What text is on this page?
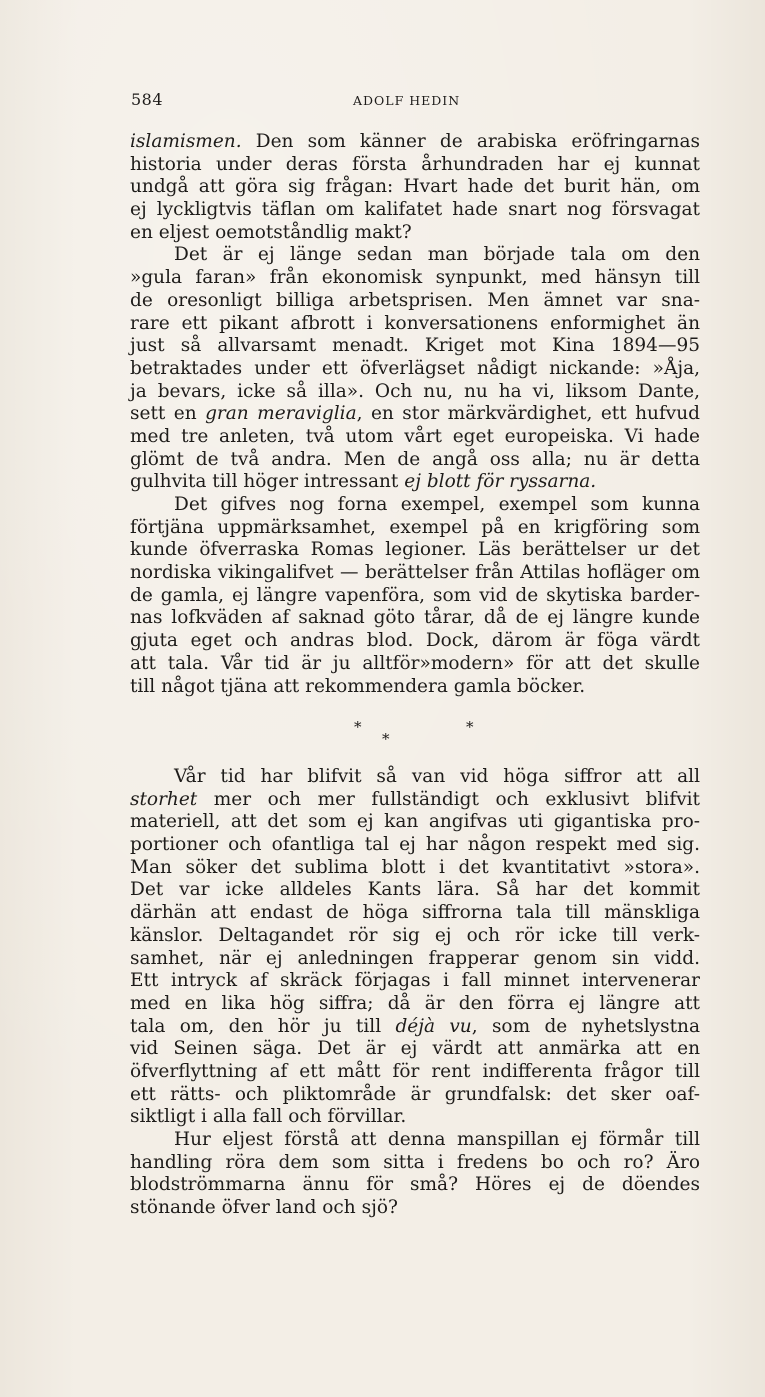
584	ADOLF HEDIN
islamismen. Den som känner de arabiska eröfringarnas
historia under deras första århundraden har ej kunnat
undgå att göra sig frågan: Hvart hade det burit hän, om
ej lyckligtvis täflan om kalifatet hade snart nog försvagat
en eljest oemotståndlig makt?
Det är ej länge sedan man började tala om den
»gula faran» från ekonomisk synpunkt, med hänsyn till
de oresonligt billiga arbetsprisen. Men ämnet var sna-
rare ett pikant afbrott i konversationens enformighet än
just så allvarsamt menadt. Kriget mot Kina 1894—95
betraktades under ett öfverlägset nådigt nickande: »Åja,
ja bevars, icke så illa». Och nu, nu ha vi, liksom Dante,
sett en gran meraviglia, en stor märkvärdighet, ett hufvud
med tre anleten, två utom vårt eget europeiska. Vi hade
glömt de två andra. Men de angå oss alla; nu är detta
gulhvita till höger intressant ej blott för ryssarna.
Det gifves nog forna exempel, exempel som kunna
förtjäna uppmärksamhet, exempel på en krigföring som
kunde öfverraska Romas legioner. Läs berättelser ur det
nordiska vikingalifvet — berättelser från Attilas hofläger om
de gamla, ej längre vapenföra, som vid de skytiska barder-
nas lofkväden af saknad göto tårar, då de ej längre kunde
gjuta eget och andras blod. Dock, därom är föga värdt
att tala. Vår tid är ju alltför»modern» för att det skulle
till något tjäna att rekommendera gamla böcker.
*
*
*
Vår tid har blifvit så van vid höga siffror att all
storhet mer och mer fullständigt och exklusivt blifvit
materiell, att det som ej kan angifvas uti gigantiska pro-
portioner och ofantliga tal ej har någon respekt med sig.
Man söker det sublima blott i det kvantitativt »stora».
Det var icke alldeles Kants lära. Så har det kommit
därhän att endast de höga siffrorna tala till mänskliga
känslor. Deltagandet rör sig ej och rör icke till verk-
samhet, när ej anledningen frapperar genom sin vidd.
Ett intryck af skräck förjagas i fall minnet intervenerar
med en lika hög siffra; då är den förra ej längre att
tala om, den hör ju till déjà vu, som de nyhetslystna
vid Seinen säga. Det är ej värdt att anmärka att en
öfverflyttning af ett mått för rent indifferenta frågor till
ett rätts- och pliktområde är grundfalsk: det sker oaf-
siktligt i alla fall och förvillar.
Hur eljest förstå att denna manspillan ej förmår till
handling röra dem som sitta i fredens bo och ro? Äro
blodströmmarna ännu för små? Höres ej de döendes
stönande öfver land och sjö?
